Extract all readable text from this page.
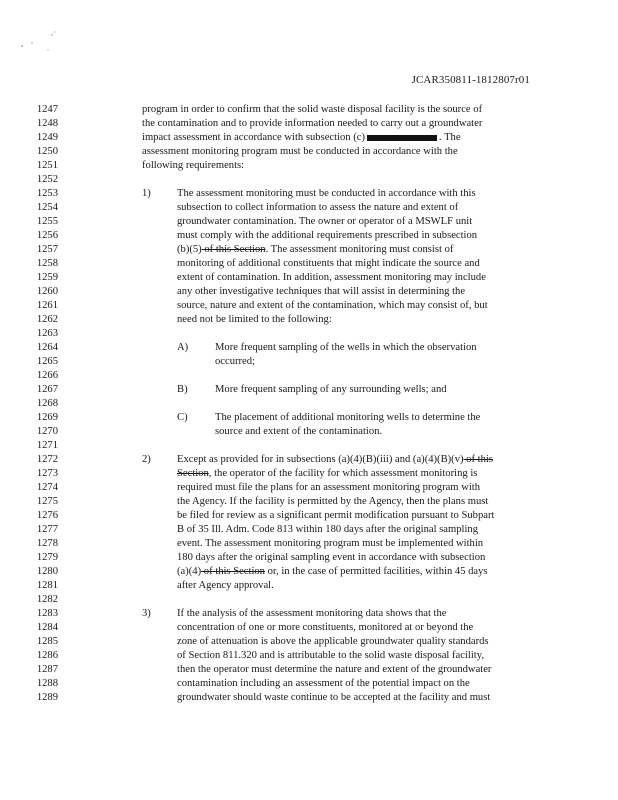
JCAR350811-1812807r01
1247
1248
1249
1250
1251
1252
1253
1254
1255
1256
1257
1258
1259
1260
1261
1262
1263
1264
1265
1266
1267
1268
1269
1270
1271
1272
1273
1274
1275
1276
1277
1278
1279
1280
1281
1282
1283
1284
1285
1286
1287
1288
1289
program in order to confirm that the solid waste disposal facility is the source of
the contamination and to provide information needed to carry out a groundwater
impact assessment in accordance with subsection (c)	. The
assessment monitoring program must be conducted in accordance with the
following requirements:
1) The assessment monitoring must be conducted in accordance with this
subsection to collect information to assess the nature and extent of
groundwater contamination. The owner or operator of a MSWLF unit
must comply with the additional requirements prescribed in subsection
(b)(5) of this Section. The assessment monitoring must consist of
monitoring of additional constituents that might indicate the source and
extent of contamination. In addition, assessment monitoring may include
any other investigative techniques that will assist in determining the
source, nature and extent of the contamination, which may consist of, but
need not be limited to the following:
A)	More frequent sampling of the wells in which the observation
occurred;
B)	More frequent sampling of any surrounding wells; and
C)	The placement of additional monitoring wells to determine the
source and extent of the contamination.
2) Except as provided for in subsections (a)(4)(B)(iii) and (a)(4)(B)(v) of this
Section, the operator of the facility for which assessment monitoring is
required must file the plans for an assessment monitoring program with
the Agency. If the facility is permitted by the Agency, then the plans must
be filed for review as a significant permit modification pursuant to Subpart
B of 35 Ill. Adm. Code 813 within 180 days after the original sampling
event. The assessment monitoring program must be implemented within
180 days after the original sampling event in accordance with subsection
(a)(4) of this Section or, in the case of permitted facilities, within 45 days
after Agency approval.
3) If the analysis of the assessment monitoring data shows that the
concentration of one or more constituents, monitored at or beyond the
zone of attenuation is above the applicable groundwater quality standards
of Section 811.320 and is attributable to the solid waste disposal facility,
then the operator must determine the nature and extent of the groundwater
contamination including an assessment of the potential impact on the
groundwater should waste continue to be accepted at the facility and must
